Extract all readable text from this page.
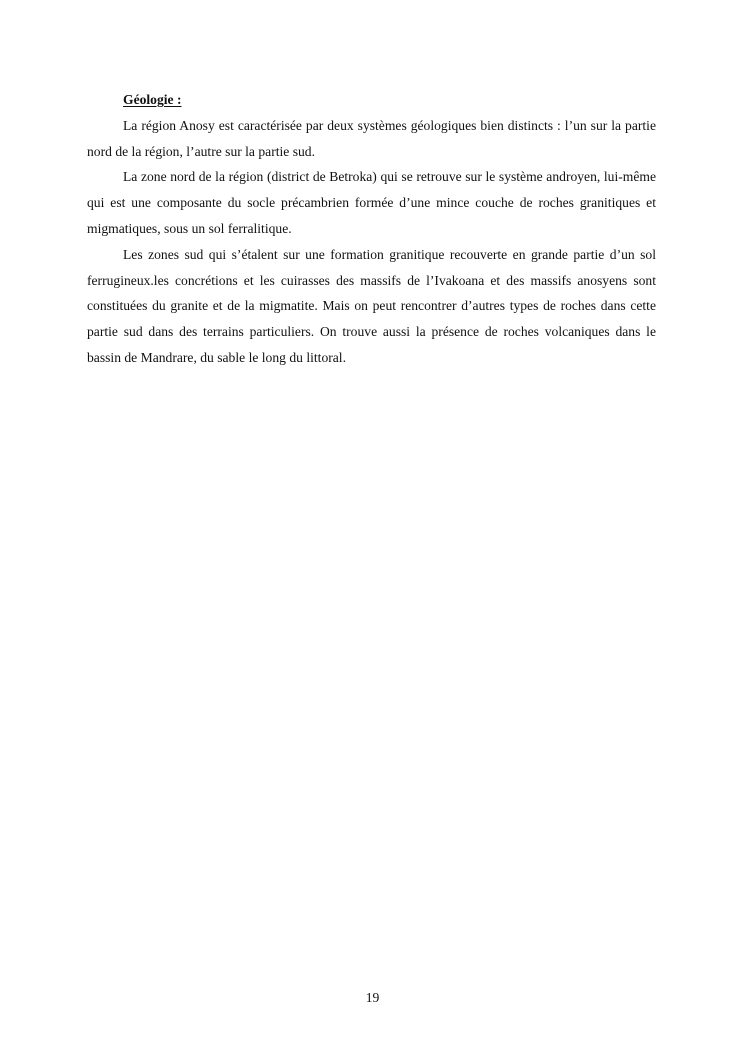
Géologie :

La région Anosy est caractérisée par deux systèmes géologiques bien distincts : l’un sur la partie nord de la région, l’autre sur la partie sud.

La zone nord de la région (district de Betroka) qui se retrouve sur le système androyen, lui-même qui est une composante du socle précambrien formée d’une mince couche de roches granitiques et migmatiques, sous un sol ferralitique.

Les zones sud qui s’étalent sur une formation granitique recouverte en grande partie d’un sol ferrugineux.les concrétions et les cuirasses des massifs de l’Ivakoana et des massifs anosyens sont constituées du granite et de la migmatite. Mais on peut rencontrer d’autres types de roches dans cette partie sud dans des terrains particuliers. On trouve aussi la présence de roches volcaniques dans le bassin de Mandrare, du sable le long du littoral.

19
